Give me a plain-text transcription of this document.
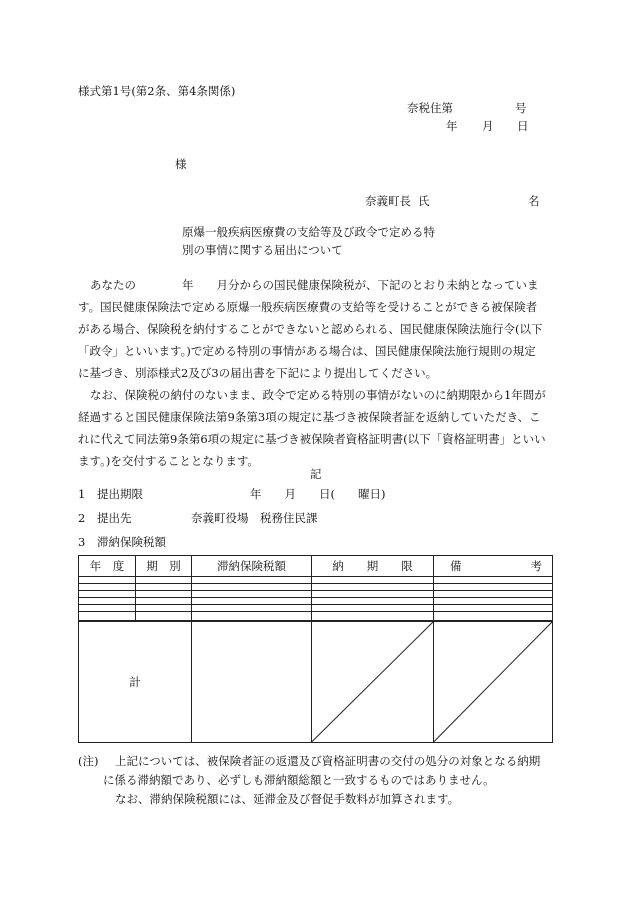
様式第1号(第2条、第4条関係)
奈税住第	号
年 月 日
様
奈義町長 氏	名
原爆一般疾病医療費の支給等及び政令で定める特
別の事情に関する届出について
あなたの　　　　年　　月分からの国民健康保険税が、下記のとおり未納となっていま
す。国民健康保険法で定める原爆一般疾病医療費の支給等を受けることができる被保険者
がある場合、保険税を納付することができないと認められる、国民健康保険法施行令(以下
「政令」といいます。)で定める特別の事情がある場合は、国民健康保険法施行規則の規定
に基づき、別添様式2及び3の届出書を下記により提出してください。
なお、保険税の納付のないまま、政令で定める特別の事情がないのに納期限から1年間が
経過すると国民健康保険法第9条第3項の規定に基づき被保険者証を返納していただき、こ
れに代えて同法第9条第6項の規定に基づき被保険者資格証明書(以下「資格証明書」といい
ます。)を交付することとなります。
記
1 提出期限	年　　月　　日(　　曜日)
2 提出先	奈義町役場　税務住民課
3 滞納保険税額
年　度	期　別	滞納保険税額	納　　期　　限	備 考

計		

(注) 上記については、被保険者証の返還及び資格証明書の交付の処分の対象となる納期
に係る滞納額であり、必ずしも滞納額総額と一致するものではありません。
なお、滞納保険税額には、延滞金及び督促手数料が加算されます。
